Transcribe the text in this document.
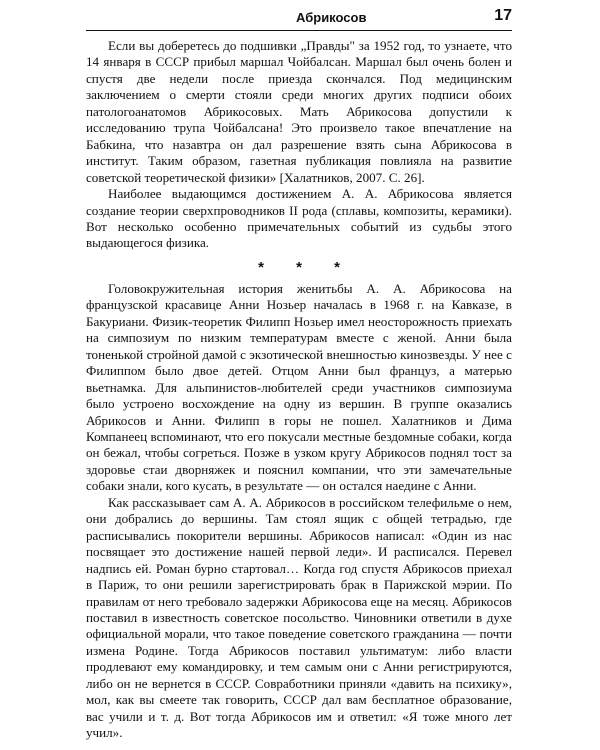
Абрикосов	17

Если вы доберетесь до подшивки „Правды" за 1952 год, то узнаете, что 14 января в СССР прибыл маршал Чойбалсан. Маршал был очень болен и спустя две недели после приезда скончался. Под медицинским заключением о смерти стояли среди многих других подписи обоих патологоанатомов Абрикосовых. Мать Абрикосова допустили к исследованию трупа Чойбалсана! Это произвело такое впечатление на Бабкина, что назавтра он дал разрешение взять сына Абрикосова в институт. Таким образом, газетная публикация повлияла на развитие советской теоретической физики» [Халатников, 2007. С. 26].

Наиболее выдающимся достижением А. А. Абрикосова является создание теории сверхпроводников II рода (сплавы, композиты, керамики). Вот несколько особенно примечательных событий из судьбы этого выдающегося физика.

* * *

Головокружительная история женитьбы А. А. Абрикосова на французской красавице Анни Нозьер началась в 1968 г. на Кавказе, в Бакуриани. Физик-теоретик Филипп Нозьер имел неосторожность приехать на симпозиум по низким температурам вместе с женой. Анни была тоненькой стройной дамой с экзотической внешностью кинозвезды. У нее с Филиппом было двое детей. Отцом Анни был француз, а матерью вьетнамка. Для альпинистов-любителей среди участников симпозиума было устроено восхождение на одну из вершин. В группе оказались Абрикосов и Анни. Филипп в горы не пошел. Халатников и Дима Компанеец вспоминают, что его покусали местные бездомные собаки, когда он бежал, чтобы согреться. Позже в узком кругу Абрикосов поднял тост за здоровье стаи дворняжек и пояснил компании, что эти замечательные собаки знали, кого кусать, в результате — он остался наедине с Анни.

Как рассказывает сам А. А. Абрикосов в российском телефильме о нем, они добрались до вершины. Там стоял ящик с общей тетрадью, где расписывались покорители вершины. Абрикосов написал: «Один из нас посвящает это достижение нашей первой леди». И расписался. Перевел надпись ей. Роман бурно стартовал… Когда год спустя Абрикосов приехал в Париж, то они решили зарегистрировать брак в Парижской мэрии. По правилам от него требовало задержки Абрикосова еще на месяц. Абрикосов поставил в известность советское посольство. Чиновники ответили в духе официальной морали, что такое поведение советского гражданина — почти измена Родине. Тогда Абрикосов поставил ультиматум: либо власти продлевают ему командировку, и тем самым они с Анни регистрируются, либо он не вернется в СССР. Совработники приняли «давить на психику», мол, как вы смеете так говорить, СССР дал вам бесплатное образование, вас учили и т. д. Вот тогда Абрикосов им и ответил: «Я тоже много лет учил».
